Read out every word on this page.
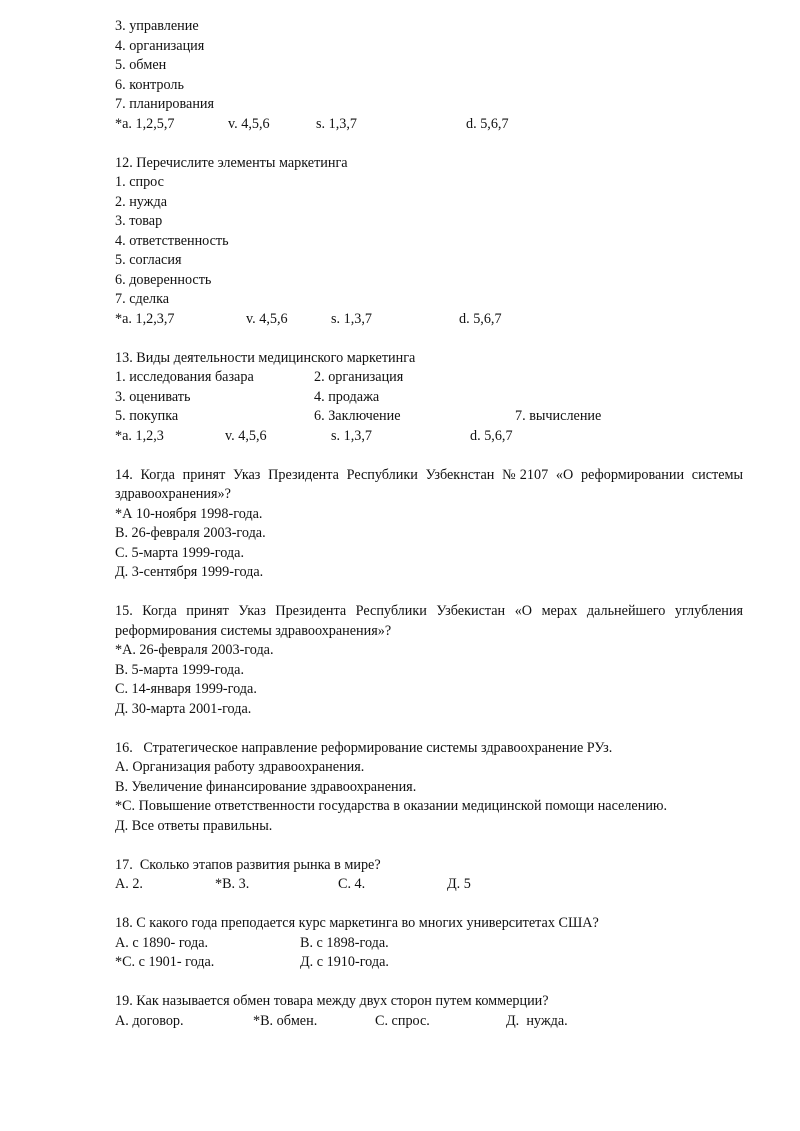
3. управление
4. организация
5. обмен
6. контроль
7. планирования
*а. 1,2,5,7	v. 4,5,6	s. 1,3,7	d. 5,6,7
12. Перечислите элементы маркетинга
1. спрос
2. нужда
3. товар
4. ответственность
5. согласия
6. доверенность
7. сделка
*а. 1,2,3,7	v. 4,5,6	s. 1,3,7	d. 5,6,7
13. Виды деятельности медицинского маркетинга
1. исследования базара	2. организация
3. оценивать	4. продажа
5. покупка	6. Заключение	7. вычисление
*а. 1,2,3	v. 4,5,6	s. 1,3,7	d. 5,6,7
14. Когда принят Указ Президента Республики Узбекнстан №2107 «О реформировании системы
здравоохранения»?
*А 10-ноября 1998-года.
В. 26-февраля 2003-года.
С. 5-марта 1999-года.
Д. 3-сентября 1999-года.
15. Когда принят Указ Президента Республики Узбекистан «О мерах дальнейшего углубления
реформирования системы здравоохранения»?
*А. 26-февраля 2003-года.
В. 5-марта 1999-года.
С. 14-января 1999-года.
Д. 30-марта 2001-года.
16.   Стратегическое направление реформирование системы здравоохранение РУз.
А. Организация работу здравоохранения.
В. Увеличение финансирование здравоохранения.
*С. Повышение ответственности государства в оказании медицинской помощи населению.
Д. Все ответы правильны.
17.  Сколько этапов развития рынка в мире?
А. 2.	*В. 3.	С. 4.	Д. 5
18. С какого года преподается курс маркетинга во многих университетах США?
А. с 1890- года.	В. с 1898-года.
*С. с 1901- года.	Д. с 1910-года.
19. Как называется обмен товара между двух сторон путем коммерции?
А. договор.	*В. обмен.	С. спрос.	Д.  нужда.
